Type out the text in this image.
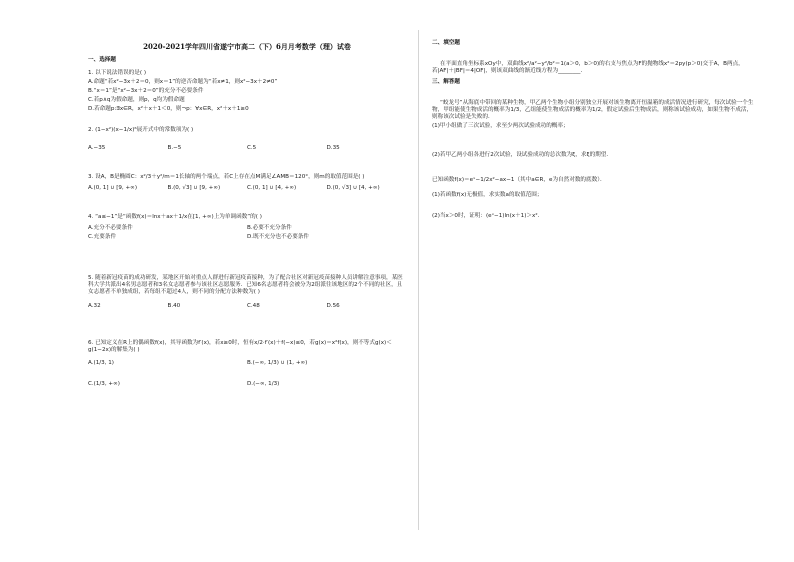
2020-2021学年四川省遂宁市高二（下）6月月考数学（理）试卷
一、选择题
1. 以下说法错误的是( )
A.命题“若x²−3x＋2＝0，则x＝1”的逆否命题为“若x≠1，则x²−3x＋2≠0”
B.“x＝1”是“x²−3x＋2＝0”的充分不必要条件
C.若p∧q为假命题，则p，q均为假命题
D.若命题p:∃x∈R，x²＋x＋1＜0，则¬p：∀x∈R，x²＋x＋1≥0
2. (1−x²)(x−1/x)⁶展开式中的常数项为( )
A.−35	B.−5	C.5	D.35
3. 设A，B是椭圆C：x²/3＋y²/m＝1长轴的两个端点，若C上存在点M满足∠AMB＝120°，则m的取值范围是( )
A.(0, 1] ∪ [9, +∞)	B.(0, √3] ∪ [9, +∞)	C.(0, 1] ∪ [4, +∞)	D.(0, √3] ∪ [4, +∞)
4. “a≤−1”是“函数f(x)＝lnx＋ax＋1/x在[1, +∞)上为单调函数”的( )
A.充分不必要条件	B.必要不充分条件
C.充要条件	D.既不充分也不必要条件
5. 随着新冠疫苗的成功研发，某地区开始对重点人群进行新冠疫苗接种，为了配合社区对新冠疫苗接种人员讲解注意事项，某医科大学共派出4名男志愿者和3名女志愿者参与该社区志愿服务．已知6名志愿者将会被分为2组派往该地区的2个不同的社区，且女志愿者不单独成组，若每组不超过4人，则不同的分配方法种数为( )
A.32	B.40	C.48	D.56
6. 已知定义在R上的偶函数f(x)，其导函数为f′(x)，若x≥0时，恒有x/2·f′(x)＋f(−x)≤0，若g(x)＝x²f(x)，则不等式g(x)＜g(1−2x)的解集为( )
A.(1/3, 1)	B.(−∞, 1/3) ∪ (1, +∞)
C.(1/3, +∞)	D.(−∞, 1/3)
二、填空题
在平面直角坐标系xOy中，双曲线x²/a²−y²/b²＝1(a＞0，b＞0)的右支与焦点为F的抛物线x²＝2py(p＞0)交于A，B两点，若|AF|＋|BF|＝4|OF|，则该双曲线的渐近线方程为________．
三、解答题
“蛟龙号”从海底中带回的某种生物，甲乙两个生物小组分别独立开展对该生物离开恒温箱的成活情况进行研究，每次试验一个生物，甲组能使生物成活的概率为1/3，乙组能使生物成活的概率为1/2，假定试验后生物成活，则称该试验成功，如果生物不成活，则称该次试验是失败的．
(1)甲小组做了三次试验，求至少两次试验成功的概率；
(2)若甲乙两小组各进行2次试验，设试验成功的总次数为ξ，求ξ的期望．
已知函数f(x)＝eˣ−1/2x²−ax−1（其中a∈R，e为自然对数的底数）．
(1)若函数f(x)无极值，求实数a的取值范围；
(2)当x＞0时，证明：(eˣ−1)ln(x＋1)＞x²．
